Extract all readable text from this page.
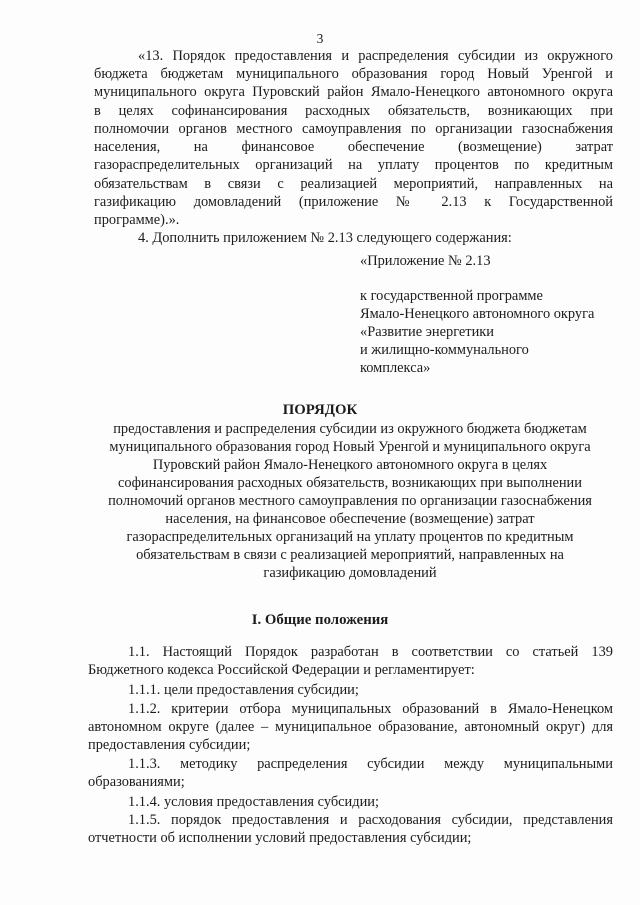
3
«13. Порядок предоставления и распределения субсидии из окружного
бюджета бюджетам муниципального образования город Новый Уренгой и
муниципального округа Пуровский район Ямало-Ненецкого автономного округа
в целях софинансирования расходных обязательств, возникающих при
полномочии органов местного самоуправления по организации газоснабжения
населения, на финансовое обеспечение (возмещение) затрат
газораспределительных организаций на уплату процентов по кредитным
обязательствам в связи с реализацией мероприятий, направленных на
газификацию домовладений (приложение № 2.13 к Государственной
программе).».
4. Дополнить приложением № 2.13 следующего содержания:
«Приложение № 2.13
к государственной программе
Ямало-Ненецкого автономного округа
«Развитие энергетики
и жилищно-коммунального
комплекса»
ПОРЯДОК
предоставления и распределения субсидии из окружного бюджета бюджетам
муниципального образования город Новый Уренгой и муниципального округа
Пуровский район Ямало-Ненецкого автономного округа в целях
софинансирования расходных обязательств, возникающих при выполнении
полномочий органов местного самоуправления по организации газоснабжения
населения, на финансовое обеспечение (возмещение) затрат
газораспределительных организаций на уплату процентов по кредитным
обязательствам в связи с реализацией мероприятий, направленных на
газификацию домовладений
I. Общие положения
1.1. Настоящий Порядок разработан в соответствии со статьей 139
Бюджетного кодекса Российской Федерации и регламентирует:
1.1.1. цели предоставления субсидии;
1.1.2. критерии отбора муниципальных образований в Ямало-Ненецком
автономном округе (далее – муниципальное образование, автономный округ) для
предоставления субсидии;
1.1.3. методику распределения субсидии между муниципальными
образованиями;
1.1.4. условия предоставления субсидии;
1.1.5. порядок предоставления и расходования субсидии, представления
отчетности об исполнении условий предоставления субсидии;
